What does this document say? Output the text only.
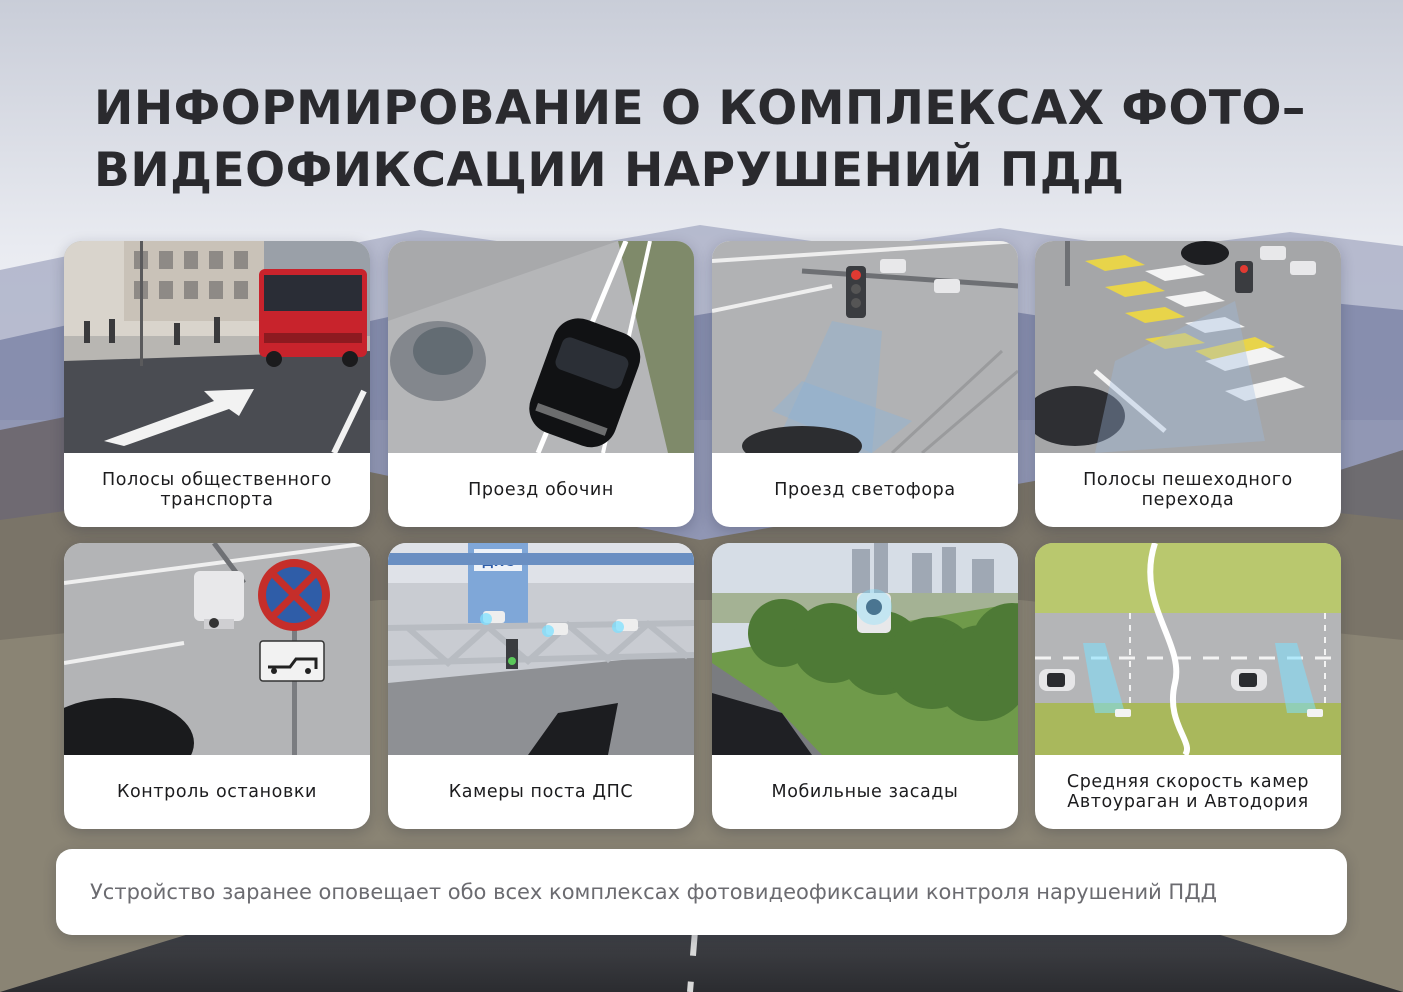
ИНФОРМИРОВАНИЕ О КОМПЛЕКСАХ ФОТО–
ВИДЕОФИКСАЦИИ НАРУШЕНИЙ ПДД
Полосы общественного транспорта	Проезд обочин	Проезд светофора	Полосы пешеходного перехода
Контроль остановки	Камеры поста ДПС	Мобильные засады	Средняя скорость камер Автоураган и Автодория
Устройство заранее оповещает обо всех комплексах фотовидеофиксации контроля нарушений ПДД
